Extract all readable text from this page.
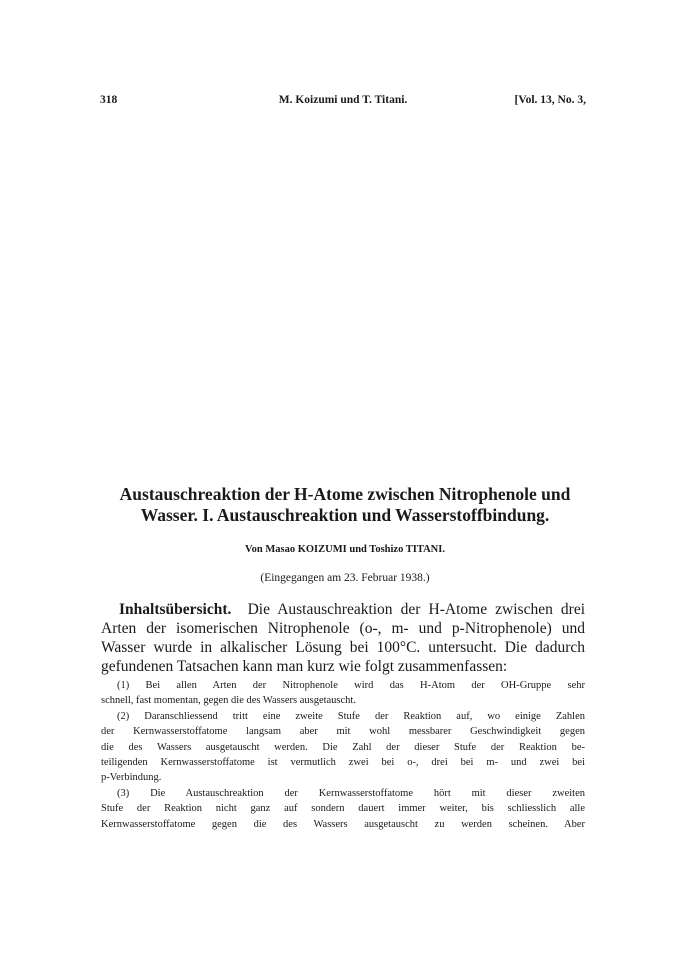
318	M. Koizumi und T. Titani.	[Vol. 13, No. 3,
Austauschreaktion der H-Atome zwischen Nitrophenole und
Wasser. I. Austauschreaktion und Wasserstoffbindung.
Von Masao KOIZUMI und Toshizo TITANI.
(Eingegangen am 23. Februar 1938.)
Inhaltsübersicht. Die Austauschreaktion der H-Atome zwischen drei
Arten der isomerischen Nitrophenole (o-, m- und p-Nitrophenole) und
Wasser wurde in alkalischer Lösung bei 100°C. untersucht. Die dadurch
gefundenen Tatsachen kann man kurz wie folgt zusammenfassen:
(1) Bei allen Arten der Nitrophenole wird das H-Atom der OH-Gruppe sehr
schnell, fast momentan, gegen die des Wassers ausgetauscht.
(2) Daranschliessend tritt eine zweite Stufe der Reaktion auf, wo einige Zahlen
der Kernwasserstoffatome langsam aber mit wohl messbarer Geschwindigkeit gegen
die des Wassers ausgetauscht werden. Die Zahl der dieser Stufe der Reaktion be-
teiligenden Kernwasserstoffatome ist vermutlich zwei bei o-, drei bei m- und zwei bei
p-Verbindung.
(3) Die Austauschreaktion der Kernwasserstoffatome hört mit dieser zweiten
Stufe der Reaktion nicht ganz auf sondern dauert immer weiter, bis schliesslich alle
Kernwasserstoffatome gegen die des Wassers ausgetauscht zu werden scheinen. Aber
